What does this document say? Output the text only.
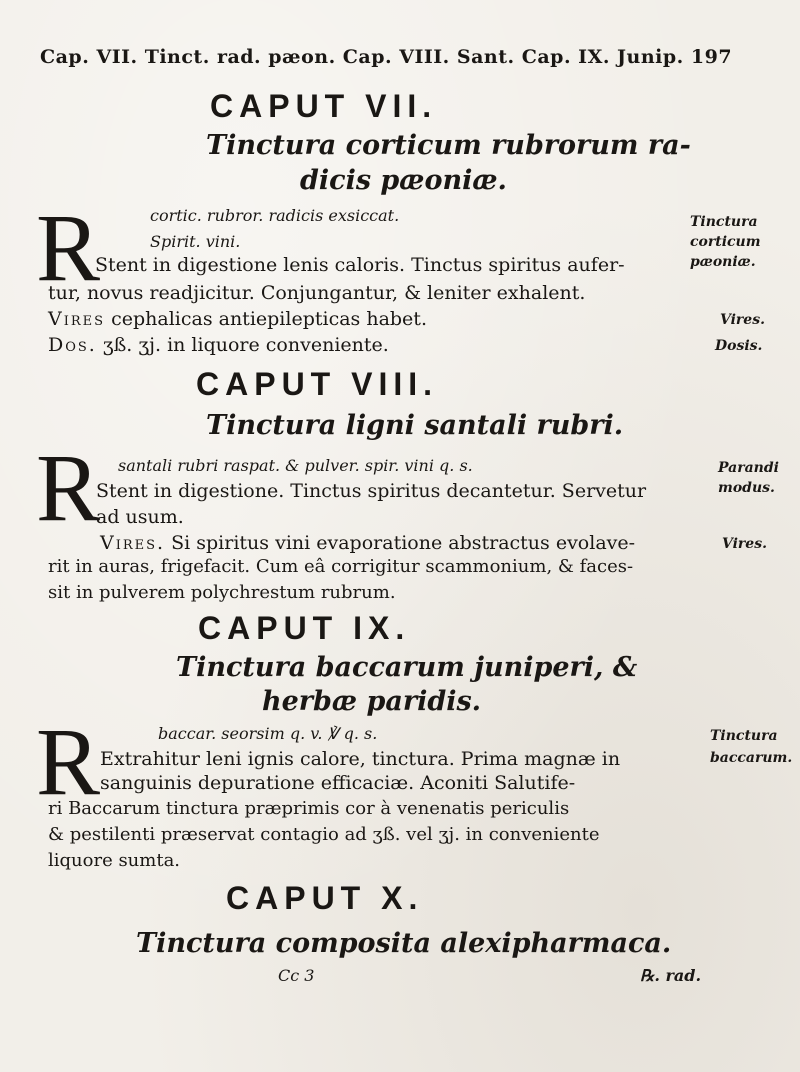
Cap. VII. Tinct. rad. pæon. Cap. VIII. Sant. Cap. IX. Junip. 197
CAPUT VII.
Tinctura corticum rubrorum ra-
dicis pæoniæ.
R	cortic. rubror. radicis exsiccat.
Spirit. vini.
Stent in digestione lenis caloris. Tinctus spiritus aufer-
tur, novus readjicitur. Conjungantur, & leniter exhalent.
Vires cephalicas antiepilepticas habet.
Dos. ʒß. ʒj. in liquore conveniente.
Tinctura
corticum
pæoniæ.
Vires.
Dosis.
CAPUT VIII.
Tinctura ligni santali rubri.
R santali rubri raspat. & pulver. spir. vini q. s.
Stent in digestione. Tinctus spiritus decantetur. Servetur
ad usum.
Vires. Si spiritus vini evaporatione abstractus evolave-
rit in auras, frigefacit. Cum eâ corrigitur scammonium, & faces-
sit in pulverem polychrestum rubrum.
Parandi
modus.
Vires.
CAPUT IX.
Tinctura baccarum juniperi, &
herbæ paridis.
R	baccar. seorsim q. v. ℣ q. s.
Extrahitur leni ignis calore, tinctura. Prima magnæ in
sanguinis depuratione efficaciæ. Aconiti Salutife-
ri Baccarum tinctura præprimis cor à venenatis periculis
& pestilenti præservat contagio ad ʒß. vel ʒj. in conveniente
liquore sumta.
Tinctura
baccarum.
CAPUT X.
Tinctura composita alexipharmaca.
Cc 3	℞. rad.
